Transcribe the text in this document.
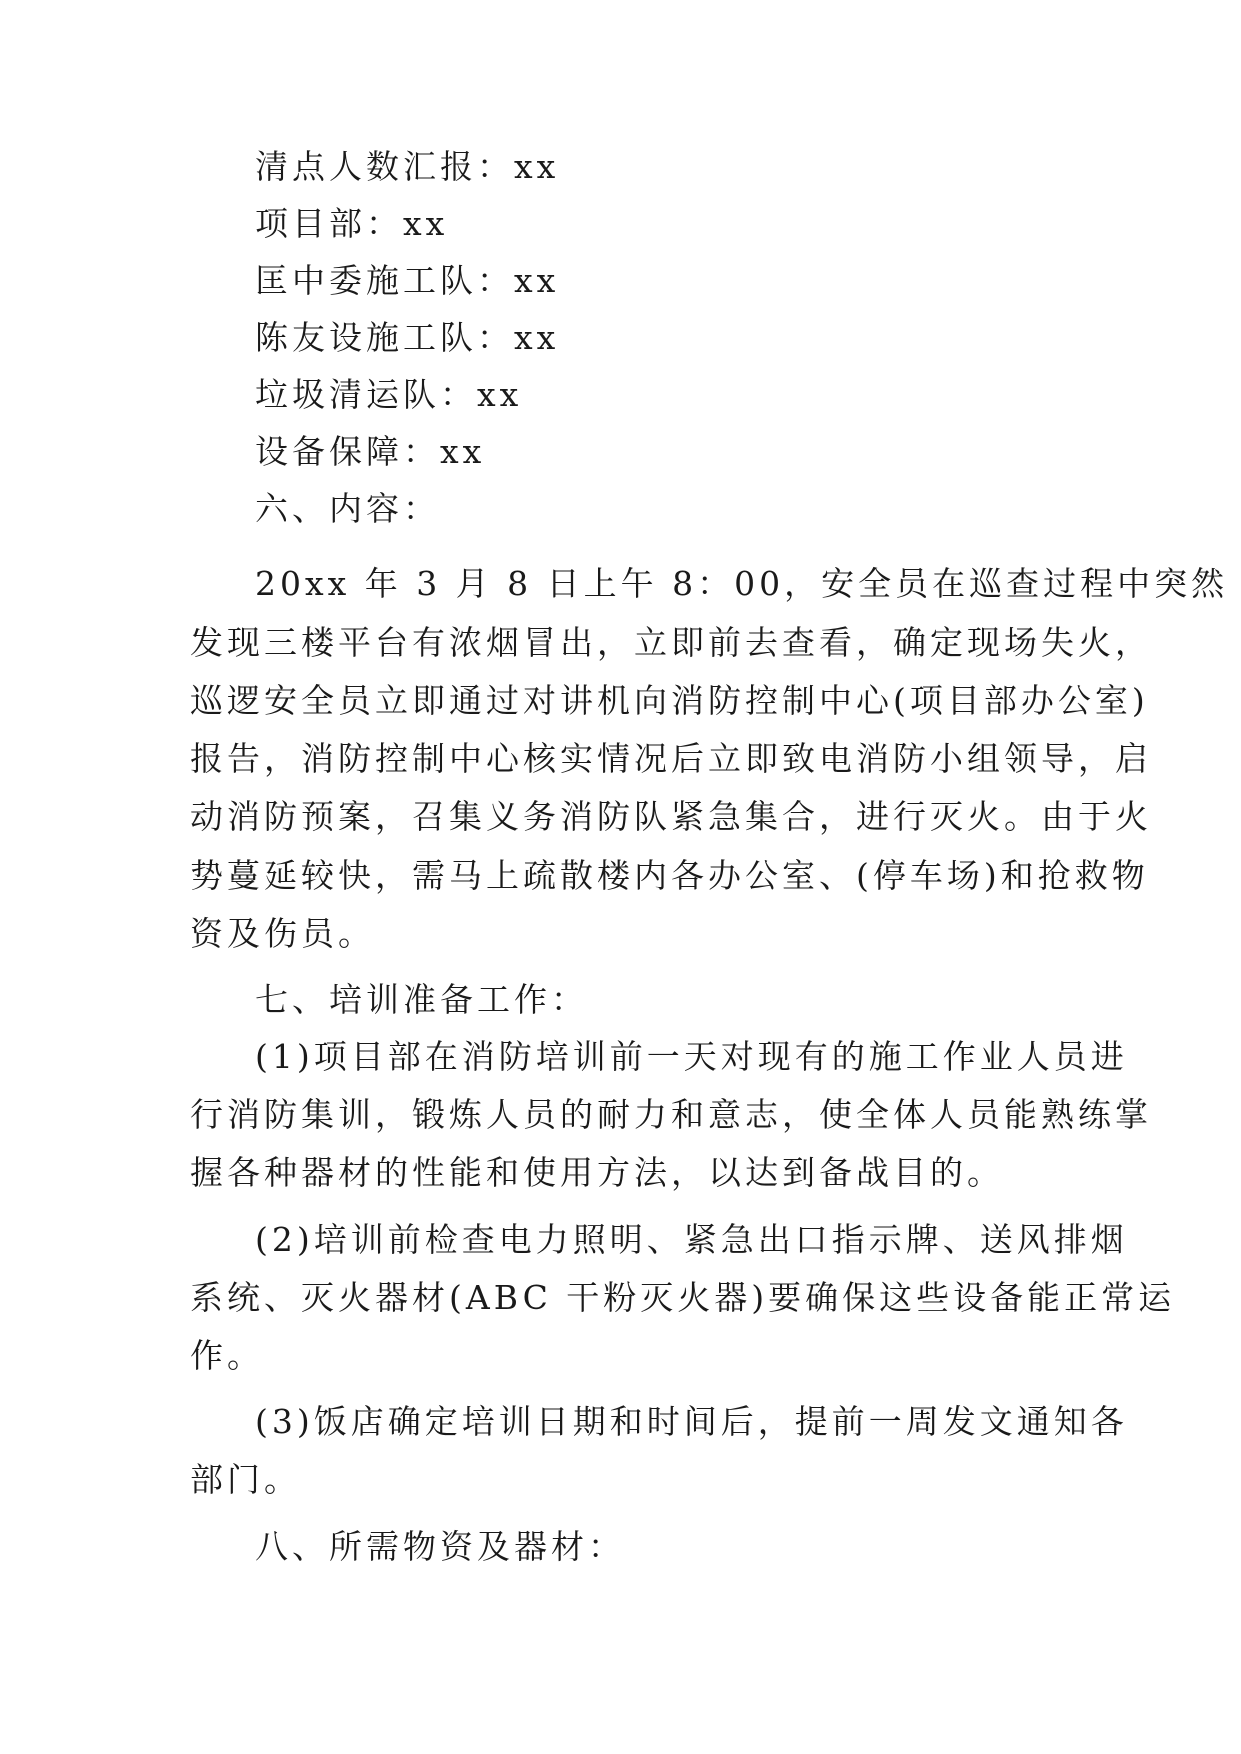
清点人数汇报：xx
项目部：xx
匡中委施工队：xx
陈友设施工队：xx
垃圾清运队：xx
设备保障：xx
六、内容：
20xx 年 3 月 8 日上午 8：00，安全员在巡查过程中突然
发现三楼平台有浓烟冒出，立即前去查看，确定现场失火，
巡逻安全员立即通过对讲机向消防控制中心(项目部办公室)
报告，消防控制中心核实情况后立即致电消防小组领导，启
动消防预案，召集义务消防队紧急集合，进行灭火。由于火
势蔓延较快，需马上疏散楼内各办公室、(停车场)和抢救物
资及伤员。
七、培训准备工作：
(1)项目部在消防培训前一天对现有的施工作业人员进
行消防集训，锻炼人员的耐力和意志，使全体人员能熟练掌
握各种器材的性能和使用方法，以达到备战目的。
(2)培训前检查电力照明、紧急出口指示牌、送风排烟
系统、灭火器材(ABC 干粉灭火器)要确保这些设备能正常运
作。
(3)饭店确定培训日期和时间后，提前一周发文通知各
部门。
八、所需物资及器材：
